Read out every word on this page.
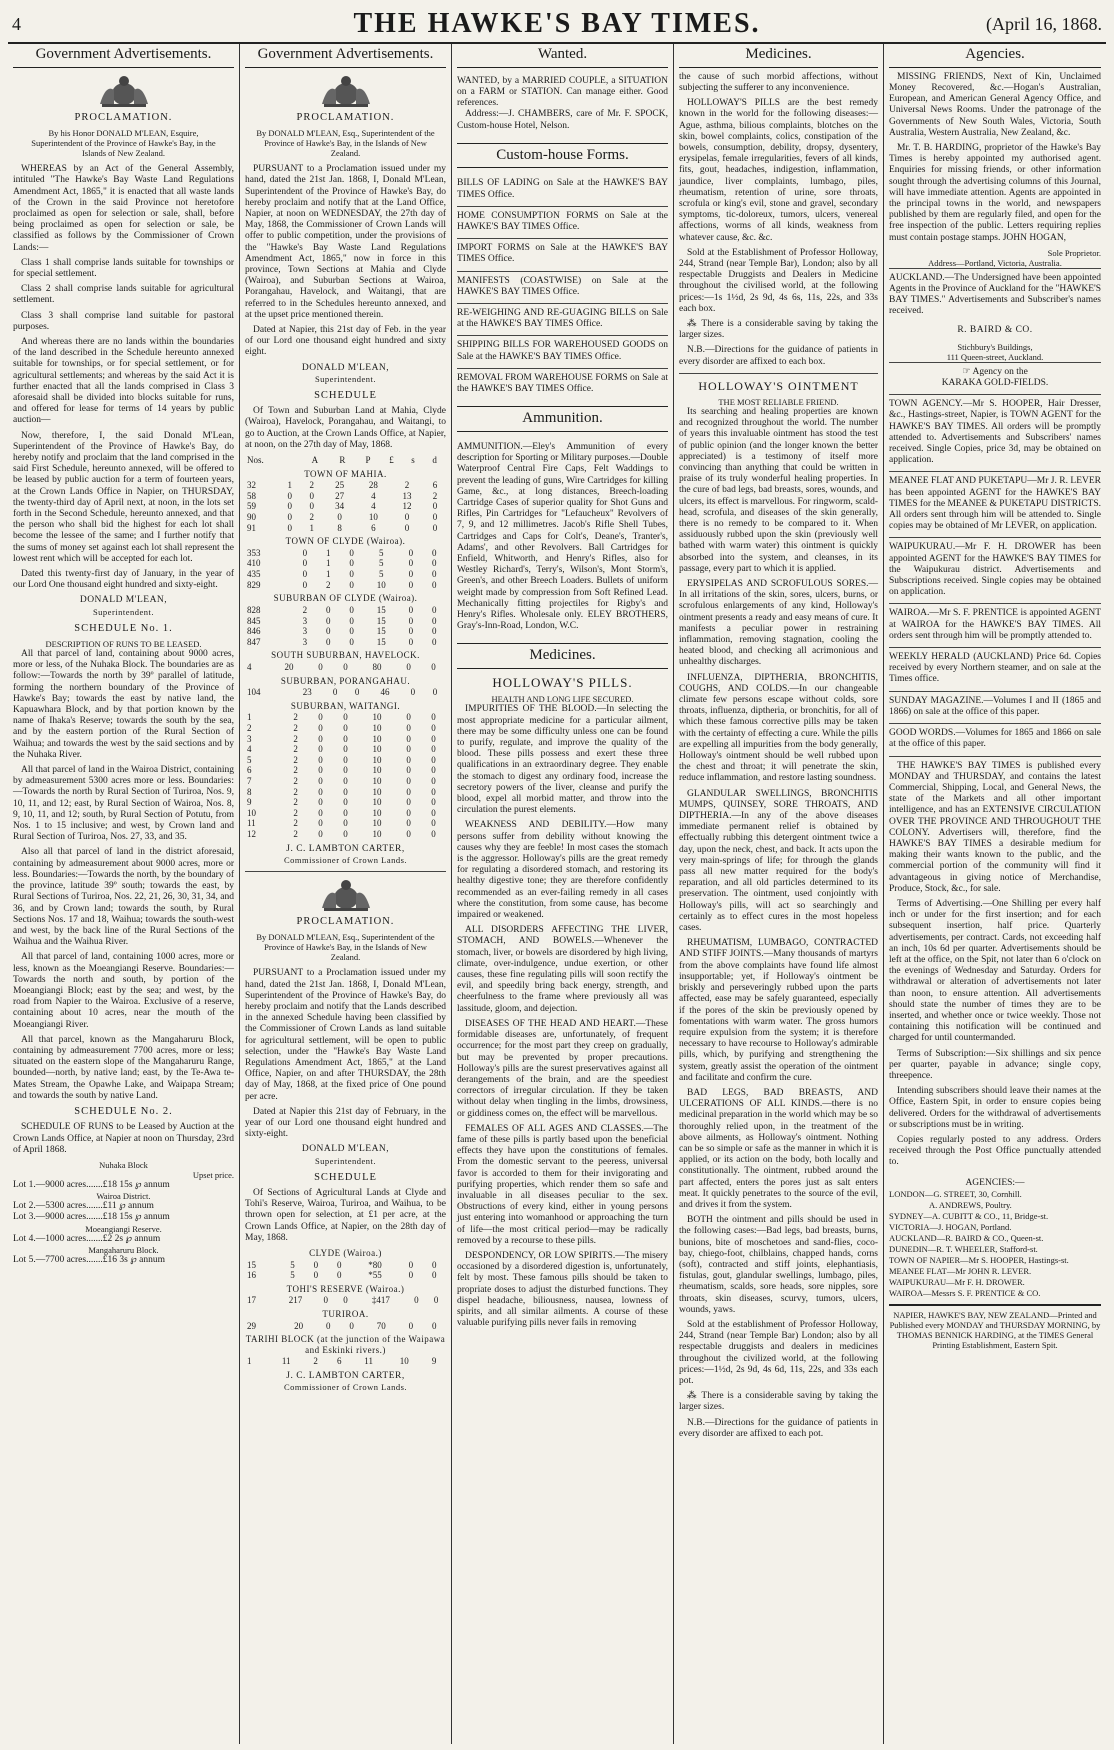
4	THE HAWKE'S BAY TIMES.	(April 16, 1868.
Government Advertisements.
PROCLAMATION.
By his Honor DONALD M'LEAN, Esquire, Superintendent of the Province of Hawke's Bay, in the Islands of New Zealand.

WHEREAS by an Act of the General Assembly, intituled "The Hawke's Bay Waste Land Regulations Amendment Act, 1865," it is enacted that all waste lands of the Crown in the said Province not heretofore proclaimed as open for selection or sale, shall, before being proclaimed as open for selection or sale, be classified as follows by the Commissioner of Crown Lands:—

Class 1 shall comprise lands suitable for townships or for special settlement.

Class 2 shall comprise lands suitable for agricultural settlement.

Class 3 shall comprise land suitable for pastoral purposes.

And whereas there are no lands within the boundaries of the land described in the Schedule hereunto annexed suitable for townships, or for special settlement, or for agricultural settlements; and whereas by the said Act it is further enacted that all the lands comprised in Class 3 aforesaid shall be divided into blocks suitable for runs, and offered for lease for terms of 14 years by public auction—

Now, therefore, I, the said Donald M'Lean, Superintendent of the Province of Hawke's Bay, do hereby notify and proclaim that the land comprised in the said First Schedule, hereunto annexed, will be offered to be leased by public auction for a term of fourteen years, at the Crown Lands Office in Napier, on THURSDAY, the twenty-third day of April next, at noon, in the lots set forth in the Second Schedule, hereunto annexed, and that the person who shall bid the highest for each lot shall become the lessee of the same; and I further notify that the sums of money set against each lot shall represent the lowest rent which will be accepted for each lot.

Dated this twenty-first day of January, in the year of our Lord One thousand eight hundred and sixty-eight.

DONALD M'LEAN,
Superintendent.
SCHEDULE No. 1.
DESCRIPTION OF RUNS TO BE LEASED.

All that parcel of land, containing about 9000 acres, more or less, of the Nuhaka Block. The boundaries are as follow:—Towards the north by 39º parallel of latitude, forming the northern boundary of the Province of Hawke's Bay; towards the east by native land, the Kapuawhara Block, and by that portion known by the name of Ihaka's Reserve; towards the south by the sea, and by the eastern portion of the Rural Section of Waihua; and towards the west by the said sections and by the Nuhaka River.

All that parcel of land in the Wairoa District, containing by admeasurement 5300 acres more or less. Boundaries:—Towards the north by Rural Section of Turiroa, Nos. 9, 10, 11, and 12; east, by Rural Section of Wairoa, Nos. 8, 9, 10, 11, and 12; south, by Rural Section of Potutu, from Nos. 1 to 15 inclusive; and west, by Crown land and Rural Section of Turiroa, Nos. 27, 33, and 35.

Also all that parcel of land in the district aforesaid, containing by admeasurement about 9000 acres, more or less. Boundaries:—Towards the north, by the boundary of the province, latitude 39º south; towards the east, by Rural Sections of Turiroa, Nos. 22, 21, 26, 30, 31, 34, and 36, and by Crown land; towards the south, by Rural Sections Nos. 17 and 18, Waihua; towards the south-west and west, by the back line of the Rural Sections of the Waihua and the Waihua River.

All that parcel of land, containing 1000 acres, more or less, known as the Moeangiangi Reserve. Boundaries:—Towards the north and south, by portion of the Moeangiangi Block; east by the sea; and west, by the road from Napier to the Wairoa. Exclusive of a reserve, containing about 10 acres, near the mouth of the Moeangiangi River.

All that parcel, known as the Mangaharuru Block, containing by admeasurement 7700 acres, more or less; situated on the eastern slope of the Mangaharuru Range, bounded—north, by native land; east, by the Te-Awa te-Mates Stream, the Opawhe Lake, and Waipapa Stream; and towards the south by native Land.

SCHEDULE No. 2.

SCHEDULE OF RUNS to be Leased by Auction at the Crown Lands Office, at Napier at noon on Thursday, 23rd of April 1868.

Nuhaka Block
Upset price.
Lot 1.—9000 acres.......£18 15s ℘ annum
Wairoa District.
Lot 2.—5300 acres.......£11 ℘ annum
Lot 3.—9000 acres.......£18 15s ℘ annum
Moeangiangi Reserve.
Lot 4.—1000 acres.......£2 2s ℘ annum
Mangaharuru Block.
Lot 5.—7700 acres.......£16 3s ℘ annum
Government Advertisements.
PROCLAMATION.
By DONALD M'LEAN, Esq., Superintendent of the Province of Hawke's Bay, in the Islands of New Zealand.

PURSUANT to a Proclamation issued under my hand, dated the 21st Jan. 1868, I, Donald M'Lean, Superintendent of the Province of Hawke's Bay, do hereby proclaim and notify that at the Land Office, Napier, at noon on WEDNESDAY, the 27th day of May, 1868, the Commissioner of Crown Lands will offer to public competition, under the provisions of the "Hawke's Bay Waste Land Regulations Amendment Act, 1865," now in force in this province, Town Sections at Mahia and Clyde (Wairoa), and Suburban Sections at Wairoa, Porangahau, Havelock, and Waitangi, that are referred to in the Schedules hereunto annexed, and at the upset price mentioned therein.

Dated at Napier, this 21st day of Feb. in the year of our Lord one thousand eight hundred and sixty eight.

DONALD M'LEAN,
Superintendent.
SCHEDULE

Of Town and Suburban Land at Mahia, Clyde (Wairoa), Havelock, Porangahau, and Waitangi, to go to Auction, at the Crown Lands Office, at Napier, at noon, on the 27th day of May, 1868.

Nos.	A	R	P	£	s	d
TOWN OF MAHIA.
32	1	2	25	28	2	6
58	0	0	27	4	13	2
59	0	0	34	4	12	0
90	0	2	0	10	0	0
91	0	1	8	6	0	0
TOWN OF CLYDE (Wairoa).
353	0	1	0	5	0	0
410	0	1	0	5	0	0
435	0	1	0	5	0	0
829	0	2	0	10	0	0
SUBURBAN OF CLYDE (Wairoa).
828	2	0	0	15	0	0
845	3	0	0	15	0	0
846	3	0	0	15	0	0
847	3	0	0	15	0	0
SOUTH SUBURBAN, HAVELOCK.
4	20	0	0	80	0	0
SUBURBAN, PORANGAHAU.
104	23	0	0	46	0	0
SUBURBAN, WAITANGI.
1	2	0	0	10	0	0
2	2	0	0	10	0	0
3	2	0	0	10	0	0
4	2	0	0	10	0	0
5	2	0	0	10	0	0
6	2	0	0	10	0	0
7	2	0	0	10	0	0
8	2	0	0	10	0	0
9	2	0	0	10	0	0
10	2	0	0	10	0	0
11	2	0	0	10	0	0
12	2	0	0	10	0	0
J. C. LAMBTON CARTER,
Commissioner of Crown Lands.
PROCLAMATION.
By DONALD M'LEAN, Esq., Superintendent of the Province of Hawke's Bay, in the Islands of New Zealand.

PURSUANT to a Proclamation issued under my hand, dated the 21st Jan. 1868, I, Donald M'Lean, Superintendent of the Province of Hawke's Bay, do hereby proclaim and notify that the Lands described in the annexed Schedule having been classified by the Commissioner of Crown Lands as land suitable for agricultural settlement, will be open to public selection, under the "Hawke's Bay Waste Land Regulations Amendment Act, 1865," at the Land Office, Napier, on and after THURSDAY, the 28th day of May, 1868, at the fixed price of One pound per acre.

Dated at Napier this 21st day of February, in the year of our Lord one thousand eight hundred and sixty-eight.

DONALD M'LEAN,
Superintendent.
SCHEDULE

Of Sections of Agricultural Lands at Clyde and Tohi's Reserve, Wairoa, Turiroa, and Waihua, to be thrown open for selection, at £1 per acre, at the Crown Lands Office, at Napier, on the 28th day of May, 1868.

CLYDE (Wairoa.)
15	5	0	0	*80	0	0
16	5	0	0	*55	0	0
TOHI'S RESERVE (Wairoa.)
17	217	0	0	‡417	0	0
TURIROA.
29	20	0	0	70	0	0
TARIHI BLOCK (at the junction of the Waipawa and Eskinki rivers.)
1	11	2	6	11	10	9
J. C. LAMBTON CARTER,
Commissioner of Crown Lands.
Wanted.
WANTED, by a MARRIED COUPLE, a SITUATION on a FARM or STATION. Can manage either. Good references.
Address:—J. CHAMBERS, care of Mr. F. SPOCK, Custom-house Hotel, Nelson.
Custom-house Forms.
BILLS OF LADING on Sale at the HAWKE'S BAY TIMES Office.
HOME CONSUMPTION FORMS on Sale at the HAWKE'S BAY TIMES Office.
IMPORT FORMS on Sale at the HAWKE'S BAY TIMES Office.
MANIFESTS (COASTWISE) on Sale at the HAWKE'S BAY TIMES Office.
RE-WEIGHING AND RE-GUAGING BILLS on Sale at the HAWKE'S BAY TIMES Office.
SHIPPING BILLS FOR WAREHOUSED GOODS on Sale at the HAWKE'S BAY TIMES Office.
REMOVAL FROM WAREHOUSE FORMS on Sale at the HAWKE'S BAY TIMES Office.
Ammunition.
AMMUNITION.—Eley's Ammunition of every description for Sporting or Military purposes.—Double Waterproof Central Fire Caps, Felt Waddings to prevent the leading of guns, Wire Cartridges for killing Game, &c., at long distances, Breech-loading Cartridge Cases of superior quality for Shot Guns and Rifles, Pin Cartridges for "Lefaucheux" Revolvers of 7, 9, and 12 millimetres. Jacob's Rifle Shell Tubes, Cartridges and Caps for Colt's, Deane's, Tranter's, Adams', and other Revolvers. Ball Cartridges for Enfield, Whitworth, and Henry's Rifles, also for Westley Richard's, Terry's, Wilson's, Mont Storm's, Green's, and other Breech Loaders. Bullets of uniform weight made by compression from Soft Refined Lead. Mechanically fitting projectiles for Rigby's and Henry's Rifles. Wholesale only. ELEY BROTHERS, Gray's-Inn-Road, London, W.C.
Medicines.
HOLLOWAY'S PILLS.
HEALTH AND LONG LIFE SECURED.

IMPURITIES OF THE BLOOD.—In selecting the most appropriate medicine for a particular ailment, there may be some difficulty unless one can be found to purify, regulate, and improve the quality of the blood. These pills possess and exert these three qualifications in an extraordinary degree. They enable the stomach to digest any ordinary food, increase the secretory powers of the liver, cleanse and purify the blood, expel all morbid matter, and throw into the circulation the purest elements.

WEAKNESS AND DEBILITY.—How many persons suffer from debility without knowing the causes why they are feeble! In most cases the stomach is the aggressor. Holloway's pills are the great remedy for regulating a disordered stomach, and restoring its healthy digestive tone; they are therefore confidently recommended as an ever-failing remedy in all cases where the constitution, from some cause, has become impaired or weakened.

ALL DISORDERS AFFECTING THE LIVER, STOMACH, AND BOWELS.—Whenever the stomach, liver, or bowels are disordered by high living, climate, over-indulgence, undue exertion, or other causes, these fine regulating pills will soon rectify the evil, and speedily bring back energy, strength, and cheerfulness to the frame where previously all was lassitude, gloom, and dejection.

DISEASES OF THE HEAD AND HEART.—These formidable diseases are, unfortunately, of frequent occurrence; for the most part they creep on gradually, but may be prevented by proper precautions. Holloway's pills are the surest preservatives against all derangements of the brain, and are the speediest correctors of irregular circulation. If they be taken without delay when tingling in the limbs, drowsiness, or giddiness comes on, the effect will be marvellous.

FEMALES OF ALL AGES AND CLASSES.—The fame of these pills is partly based upon the beneficial effects they have upon the constitutions of females. From the domestic servant to the peeress, universal favor is accorded to them for their invigorating and purifying properties, which render them so safe and invaluable in all diseases peculiar to the sex. Obstructions of every kind, either in young persons just entering into womanhood or approaching the turn of life—the most critical period—may be radically removed by a recourse to these pills.

DESPONDENCY, OR LOW SPIRITS.—The misery occasioned by a disordered digestion is, unfortunately, felt by most. These famous pills should be taken to propriate doses to adjust the disturbed functions. They dispel headache, biliousness, nausea, lowness of spirits, and all similar ailments. A course of these valuable purifying pills never fails in removing

Medicines.

the cause of such morbid affections, without subjecting the sufferer to any inconvenience.

HOLLOWAY'S PILLS are the best remedy known in the world for the following diseases:—Ague, asthma, bilious complaints, blotches on the skin, bowel complaints, colics, constipation of the bowels, consumption, debility, dropsy, dysentery, erysipelas, female irregularities, fevers of all kinds, fits, gout, headaches, indigestion, inflammation, jaundice, liver complaints, lumbago, piles, rheumatism, retention of urine, sore throats, scrofula or king's evil, stone and gravel, secondary symptoms, tic-doloreux, tumors, ulcers, venereal affections, worms of all kinds, weakness from whatever cause, &c. &c.

Sold at the Establishment of Professor Holloway, 244, Strand (near Temple Bar), London; also by all respectable Druggists and Dealers in Medicine throughout the civilised world, at the following prices:—1s 1½d, 2s 9d, 4s 6s, 11s, 22s, and 33s each box.

⁂ There is a considerable saving by taking the larger sizes.

N.B.—Directions for the guidance of patients in every disorder are affixed to each box.

HOLLOWAY'S OINTMENT
THE MOST RELIABLE FRIEND.

Its searching and healing properties are known and recognized throughout the world. The number of years this invaluable ointment has stood the test of public opinion (and the longer known the better appreciated) is a testimony of itself more convincing than anything that could be written in praise of its truly wonderful healing properties. In the cure of bad legs, bad breasts, sores, wounds, and ulcers, its effect is marvellous. For ringworm, scald-head, scrofula, and diseases of the skin generally, there is no remedy to be compared to it. When assiduously rubbed upon the skin (previously well bathed with warm water) this ointment is quickly absorbed into the system, and cleanses, in its passage, every part to which it is applied.

ERYSIPELAS AND SCROFULOUS SORES.—In all irritations of the skin, sores, ulcers, burns, or scrofulous enlargements of any kind, Holloway's ointment presents a ready and easy means of cure. It manifests a peculiar power in restraining inflammation, removing stagnation, cooling the heated blood, and checking all acrimonious and unhealthy discharges.

INFLUENZA, DIPTHERIA, BRONCHITIS, COUGHS, AND COLDS.—In our changeable climate few persons escape without colds, sore throats, influenza, diptheria, or bronchitis, for all of which these famous corrective pills may be taken with the certainty of effecting a cure. While the pills are expelling all impurities from the body generally, Holloway's ointment should be well rubbed upon the chest and throat; it will penetrate the skin, reduce inflammation, and restore lasting soundness.

GLANDULAR SWELLINGS, BRONCHITIS MUMPS, QUINSEY, SORE THROATS, AND DIPTHERIA.—In any of the above diseases immediate permanent relief is obtained by effectually rubbing this detergent ointment twice a day, upon the neck, chest, and back. It acts upon the very main-springs of life; for through the glands pass all new matter required for the body's reparation, and all old particles determined to its preservation. The ointment, used conjointly with Holloway's pills, will act so searchingly and certainly as to effect cures in the most hopeless cases.

RHEUMATISM, LUMBAGO, CONTRACTED AND STIFF JOINTS.—Many thousands of martyrs from the above complaints have found life almost insupportable; yet, if Holloway's ointment be briskly and perseveringly rubbed upon the parts affected, ease may be safely guaranteed, especially if the pores of the skin be previously opened by fomentations with warm water. The gross humors require expulsion from the system; it is therefore necessary to have recourse to Holloway's admirable pills, which, by purifying and strengthening the system, greatly assist the operation of the ointment and facilitate and confirm the cure.

BAD LEGS, BAD BREASTS, AND ULCERATIONS OF ALL KINDS.—there is no medicinal preparation in the world which may be so thoroughly relied upon, in the treatment of the above ailments, as Holloway's ointment. Nothing can be so simple or safe as the manner in which it is applied, or its action on the body, both locally and constitutionally. The ointment, rubbed around the part affected, enters the pores just as salt enters meat. It quickly penetrates to the source of the evil, and drives it from the system.

BOTH the ointment and pills should be used in the following cases:—Bad legs, bad breasts, burns, bunions, bite of moschetoes and sand-flies, coco-bay, chiego-foot, chilblains, chapped hands, corns (soft), contracted and stiff joints, elephantiasis, fistulas, gout, glandular swellings, lumbago, piles, rheumatism, scalds, sore heads, sore nipples, sore throats, skin diseases, scurvy, tumors, ulcers, wounds, yaws.

Sold at the establishment of Professor Holloway, 244, Strand (near Temple Bar) London; also by all respectable druggists and dealers in medicines throughout the civilized world, at the following prices:—1½d, 2s 9d, 4s 6d, 11s, 22s, and 33s each pot.

⁂ There is a considerable saving by taking the larger sizes.

N.B.—Directions for the guidance of patients in every disorder are affixed to each pot.

Agencies.

MISSING FRIENDS, Next of Kin, Unclaimed Money Recovered, &c.—Hogan's Australian, European, and American General Agency Office, and Universal News Rooms. Under the patronage of the Governments of New South Wales, Victoria, South Australia, Western Australia, New Zealand, &c.

Mr. T. B. HARDING, proprietor of the Hawke's Bay Times is hereby appointed my authorised agent. Enquiries for missing friends, or other information sought through the advertising columns of this Journal, will have immediate attention. Agents are appointed in the principal towns in the world, and newspapers published by them are regularly filed, and open for the free inspection of the public. Letters requiring replies must contain postage stamps. JOHN HOGAN,

Sole Proprietor.
Address—Portland, Victoria, Australia.
AUCKLAND.—The Undersigned have been appointed Agents in the Province of Auckland for the "HAWKE'S BAY TIMES." Advertisements and Subscriber's names received.
R. BAIRD & CO.
Stichbury's Buildings,
111 Queen-street, Auckland.
☞ Agency on the
KARAKA GOLD-FIELDS.
TOWN AGENCY.—Mr S. HOOPER, Hair Dresser, &c., Hastings-street, Napier, is TOWN AGENT for the HAWKE'S BAY TIMES. All orders will be promptly attended to. Advertisements and Subscribers' names received. Single Copies, price 3d, may be obtained on application.
MEANEE FLAT AND PUKETAPU—Mr J. R. LEVER has been appointed AGENT for the HAWKE'S BAY TIMES for the MEANEE & PUKETAPU DISTRICTS. All orders sent through him will be attended to. Single copies may be obtained of Mr LEVER, on application.
WAIPUKURAU.—Mr F. H. DROWER has been appointed AGENT for the HAWKE'S BAY TIMES for the Waipukurau district. Advertisements and Subscriptions received. Single copies may be obtained on application.
WAIROA.—Mr S. F. PRENTICE is appointed AGENT at WAIROA for the HAWKE'S BAY TIMES. All orders sent through him will be promptly attended to.
WEEKLY HERALD (AUCKLAND) Price 6d. Copies received by every Northern steamer, and on sale at the Times office.
SUNDAY MAGAZINE.—Volumes I and II (1865 and 1866) on sale at the office of this paper.
GOOD WORDS.—Volumes for 1865 and 1866 on sale at the office of this paper.

THE HAWKE'S BAY TIMES is published every MONDAY and THURSDAY, and contains the latest Commercial, Shipping, Local, and General News, the state of the Markets and all other important intelligence, and has an EXTENSIVE CIRCULATION OVER THE PROVINCE AND THROUGHOUT THE COLONY. Advertisers will, therefore, find the HAWKE'S BAY TIMES a desirable medium for making their wants known to the public, and the commercial portion of the community will find it advantageous in giving notice of Merchandise, Produce, Stock, &c., for sale.

Terms of Advertising.—One Shilling per every half inch or under for the first insertion; and for each subsequent insertion, half price. Quarterly advertisements, per contract. Cards, not exceeding half an inch, 10s 6d per quarter. Advertisements should be left at the office, on the Spit, not later than 6 o'clock on the evenings of Wednesday and Saturday. Orders for withdrawal or alteration of advertisements not later than noon, to ensure attention. All advertisements should state the number of times they are to be inserted, and whether once or twice weekly. Those not containing this notification will be continued and charged for until countermanded.

Terms of Subscription:—Six shillings and six pence per quarter, payable in advance; single copy, threepence.

Intending subscribers should leave their names at the Office, Eastern Spit, in order to ensure copies being delivered. Orders for the withdrawal of advertisements or subscriptions must be in writing.

Copies regularly posted to any address. Orders received through the Post Office punctually attended to.

AGENCIES:—
LONDON—G. STREET, 30, Cornhill.
A. ANDREWS, Poultry.
SYDNEY—A. CUBITT & CO., 11, Bridge-st.
VICTORIA—J. HOGAN, Portland.
AUCKLAND—R. BAIRD & CO., Queen-st.
DUNEDIN—R. T. WHEELER, Stafford-st.
TOWN OF NAPIER—Mr S. HOOPER, Hastings-st.
MEANEE FLAT—Mr JOHN R. LEVER.
WAIPUKURAU—Mr F. H. DROWER.
WAIROA—Messrs S. F. PRENTICE & CO.
NAPIER, HAWKE'S BAY, NEW ZEALAND—Printed and Published every MONDAY and THURSDAY MORNING, by THOMAS BENNICK HARDING, at the TIMES General Printing Establishment, Eastern Spit.
